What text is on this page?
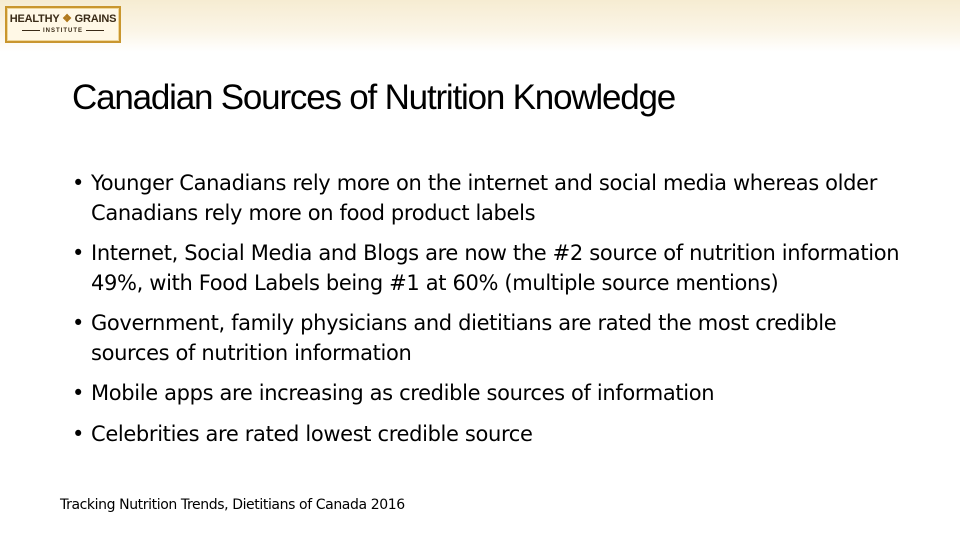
HEALTHY ❖ GRAINS
INSTITUTE
Canadian Sources of Nutrition Knowledge
• Younger Canadians rely more on the internet and social media whereas older Canadians rely more on food product labels
• Internet, Social Media and Blogs are now the #2 source of nutrition information 49%, with Food Labels being #1 at 60% (multiple source mentions)
• Government, family physicians and dietitians are rated the most credible sources of nutrition information
• Mobile apps are increasing as credible sources of information
• Celebrities are rated lowest credible source

Tracking Nutrition Trends, Dietitians of Canada 2016
